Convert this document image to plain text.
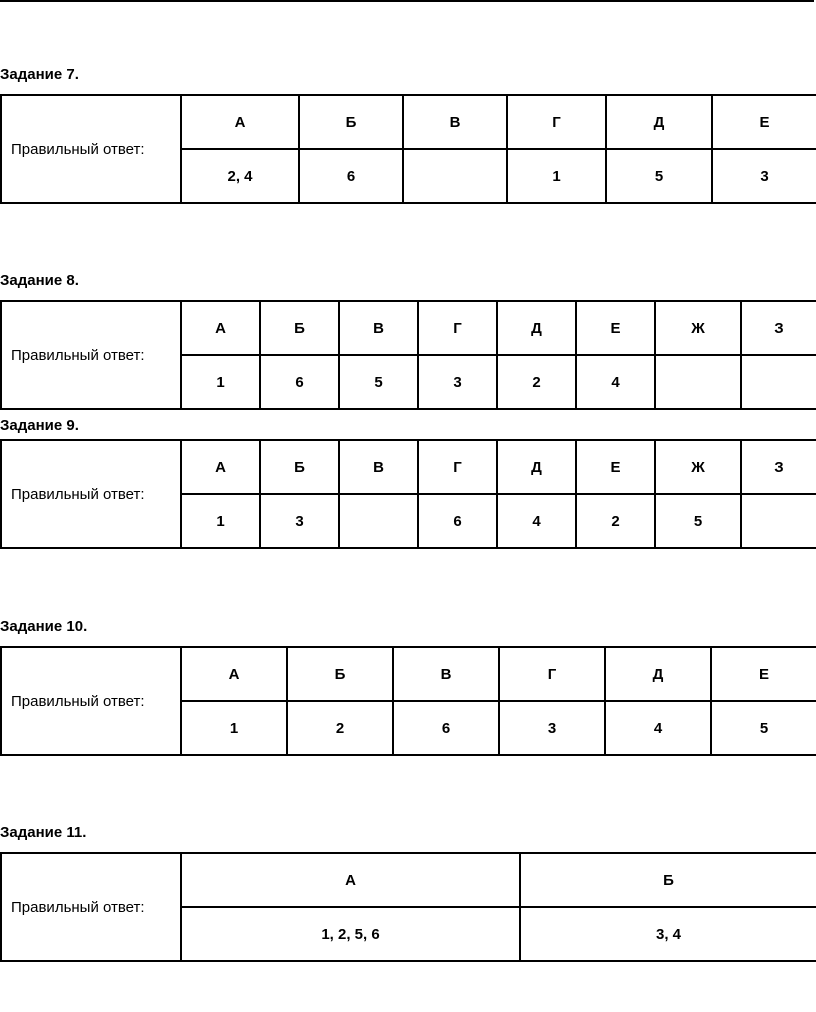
Задание 7.
Правильный ответ:	А	Б	В	Г	Д	Е
	2, 4	6		1	5	3
Задание 8.
Правильный ответ:	А	Б	В	Г	Д	Е	Ж	З
	1	6	5	3	2	4		
Задание 9.
Правильный ответ:	А	Б	В	Г	Д	Е	Ж	З
	1	3		6	4	2	5	
Задание 10.
Правильный ответ:	А	Б	В	Г	Д	Е
	1	2	6	3	4	5
Задание 11.
Правильный ответ:	А	Б
	1, 2, 5, 6	3, 4
